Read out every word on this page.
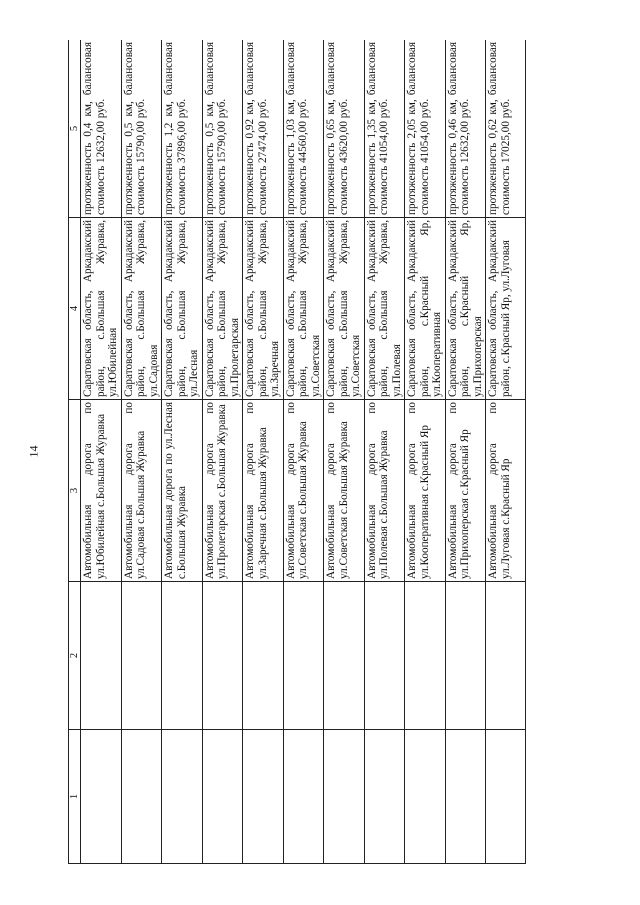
14
1	2	3	4	5
		Автомобильная дорога по ул.Юбилейная с.Большая Журавка	Саратовская область, Аркадакский район, с.Большая Журавка, ул.Юбилейная	протяженность 0,4 км, балансовая стоимость 12632,00 руб.
		Автомобильная дорога по ул.Садовая с.Большая Журавка	Саратовская область, Аркадакский район, с.Большая Журавка, ул.Садовая	протяженность 0,5 км, балансовая стоимость 15790,00 руб.
		Автомобильная дорога по ул.Лесная с.Большая Журавка	Саратовская область, Аркадакский район, с.Большая Журавка, ул.Лесная	протяженность 1,2 км, балансовая стоимость 37896,00 руб.
		Автомобильная дорога по ул.Пролетарская с.Большая Журавка	Саратовская область, Аркадакский район, с.Большая Журавка, ул.Пролетарская	протяженность 0,5 км, балансовая стоимость 15790,00 руб.
		Автомобильная дорога по ул.Заречная с.Большая Журавка	Саратовская область, Аркадакский район, с.Большая Журавка, ул.Заречная	протяженность 0,92 км, балансовая стоимость 27474,00 руб.
		Автомобильная дорога по ул.Советская с.Большая Журавка	Саратовская область, Аркадакский район, с.Большая Журавка, ул.Советская	протяженность 1,03 км, балансовая стоимость 44560,00 руб.
		Автомобильная дорога по ул.Советская с.Большая Журавка	Саратовская область, Аркадакский район, с.Большая Журавка, ул.Советская	протяженность 0,65 км, балансовая стоимость 43620,00 руб.
		Автомобильная дорога по ул.Полевая с.Большая Журавка	Саратовская область, Аркадакский район, с.Большая Журавка, ул.Полевая	протяженность 1,35 км, балансовая стоимость 41054,00 руб.
		Автомобильная дорога по ул.Кооперативная с.Красный Яр	Саратовская область, Аркадакский район, с.Красный Яр, ул.Кооперативная	протяженность 2,05 км, балансовая стоимость 41054,00 руб.
		Автомобильная дорога по ул.Прихоперская с.Красный Яр	Саратовская область, Аркадакский район, с.Красный Яр, ул.Прихоперская	протяженность 0,46 км, балансовая стоимость 12632,00 руб.
		Автомобильная дорога по ул.Луговая с.Красный Яр	Саратовская область, Аркадакский район, с.Красный Яр, ул.Луговая	протяженность 0,62 км, балансовая стоимость 17025,00 руб.
